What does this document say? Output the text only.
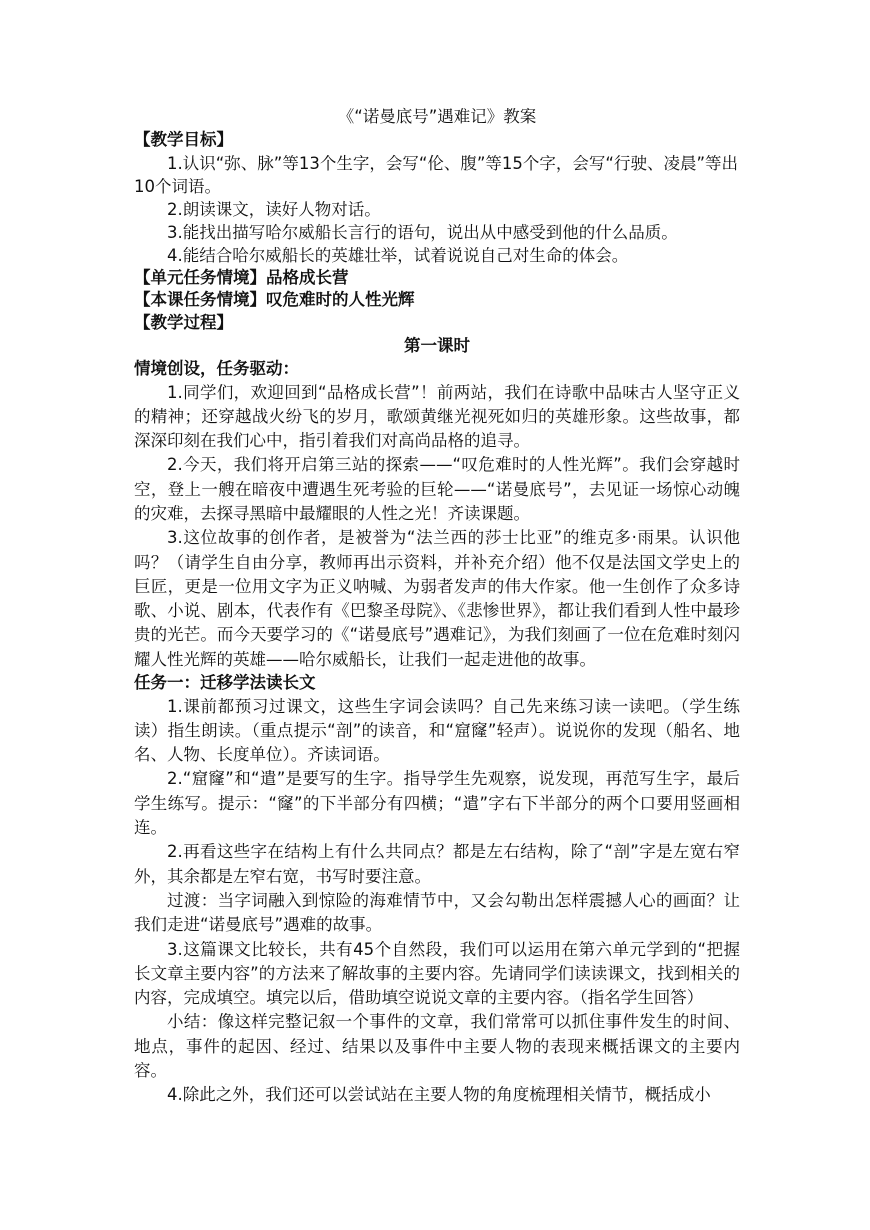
《“诺曼底号”遇难记》教案

【教学目标】

1.认识“弥、脉”等13个生字，会写“伦、腹”等15个字，会写“行驶、凌晨”等出10个词语。

2.朗读课文，读好人物对话。

3.能找出描写哈尔威船长言行的语句，说出从中感受到他的什么品质。

4.能结合哈尔威船长的英雄壮举，试着说说自己对生命的体会。

【单元任务情境】品格成长营

【本课任务情境】叹危难时的人性光辉

【教学过程】

第一课时

情境创设，任务驱动：

1.同学们，欢迎回到“品格成长营”！前两站，我们在诗歌中品味古人坚守正义的精神；还穿越战火纷飞的岁月，歌颂黄继光视死如归的英雄形象。这些故事，都深深印刻在我们心中，指引着我们对高尚品格的追寻。

2.今天，我们将开启第三站的探索——“叹危难时的人性光辉”。我们会穿越时空，登上一艘在暗夜中遭遇生死考验的巨轮——“诺曼底号”，去见证一场惊心动魄的灾难，去探寻黑暗中最耀眼的人性之光！齐读课题。

3.这位故事的创作者，是被誉为“法兰西的莎士比亚”的维克多·雨果。认识他吗？（请学生自由分享，教师再出示资料，并补充介绍）他不仅是法国文学史上的巨匠，更是一位用文字为正义呐喊、为弱者发声的伟大作家。他一生创作了众多诗歌、小说、剧本，代表作有《巴黎圣母院》、《悲惨世界》，都让我们看到人性中最珍贵的光芒。而今天要学习的《“诺曼底号”遇难记》，为我们刻画了一位在危难时刻闪耀人性光辉的英雄——哈尔威船长，让我们一起走进他的故事。

任务一：迁移学法读长文

1.课前都预习过课文，这些生字词会读吗？自己先来练习读一读吧。（学生练读）指生朗读。（重点提示“剖”的读音，和“窟窿”轻声）。说说你的发现（船名、地名、人物、长度单位）。齐读词语。

2.“窟窿”和“遣”是要写的生字。指导学生先观察，说发现，再范写生字，最后学生练写。提示：“窿”的下半部分有四横；“遣”字右下半部分的两个口要用竖画相连。

2.再看这些字在结构上有什么共同点？都是左右结构，除了“剖”字是左宽右窄外，其余都是左窄右宽，书写时要注意。

过渡：当字词融入到惊险的海难情节中，又会勾勒出怎样震撼人心的画面？让我们走进“诺曼底号”遇难的故事。

3.这篇课文比较长，共有45个自然段，我们可以运用在第六单元学到的“把握长文章主要内容”的方法来了解故事的主要内容。先请同学们读读课文，找到相关的内容，完成填空。填完以后，借助填空说说文章的主要内容。（指名学生回答）

小结：像这样完整记叙一个事件的文章，我们常常可以抓住事件发生的时间、地点，事件的起因、经过、结果以及事件中主要人物的表现来概括课文的主要内容。

4.除此之外，我们还可以尝试站在主要人物的角度梳理相关情节，概括成小
